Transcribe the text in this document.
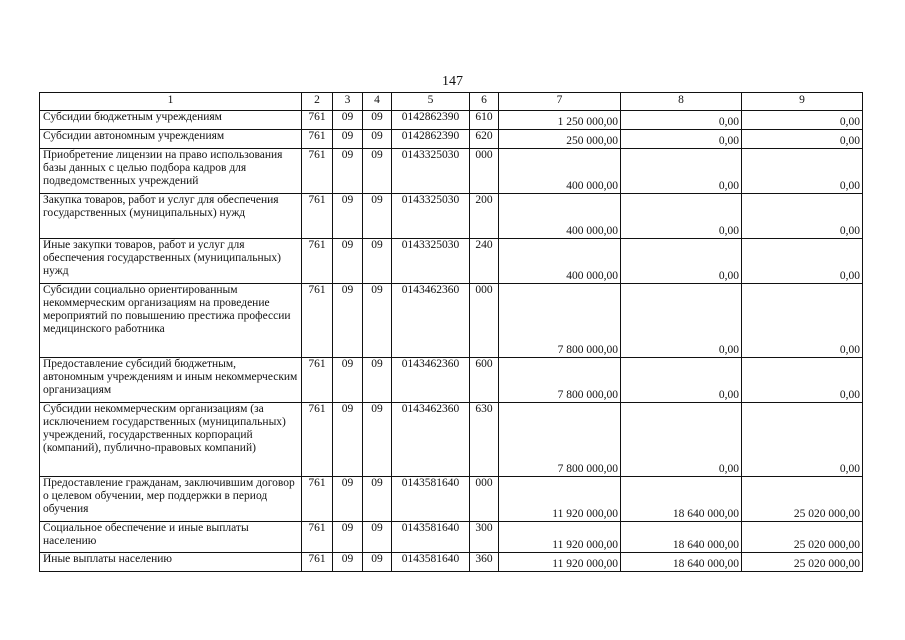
147
1	2	3	4	5	6	7	8	9
Субсидии бюджетным учреждениям	761	09	09	0142862390	610	1 250 000,00	0,00	0,00
Субсидии автономным учреждениям	761	09	09	0142862390	620	250 000,00	0,00	0,00
Приобретение лицензии на право использования базы данных с целью подбора кадров для подведомственных учреждений	761	09	09	0143325030	000	400 000,00	0,00	0,00
Закупка товаров, работ и услуг для обеспечения государственных (муниципальных) нужд	761	09	09	0143325030	200	400 000,00	0,00	0,00
Иные закупки товаров, работ и услуг для обеспечения государственных (муниципальных) нужд	761	09	09	0143325030	240	400 000,00	0,00	0,00
Субсидии социально ориентированным некоммерческим организациям на проведение мероприятий по повышению престижа профессии медицинского работника	761	09	09	0143462360	000	7 800 000,00	0,00	0,00
Предоставление субсидий бюджетным, автономным учреждениям и иным некоммерческим организациям	761	09	09	0143462360	600	7 800 000,00	0,00	0,00
Субсидии некоммерческим организациям (за исключением государственных (муниципальных) учреждений, государственных корпораций (компаний), публично-правовых компаний)	761	09	09	0143462360	630	7 800 000,00	0,00	0,00
Предоставление гражданам, заключившим договор о целевом обучении, мер поддержки в период обучения	761	09	09	0143581640	000	11 920 000,00	18 640 000,00	25 020 000,00
Социальное обеспечение и иные выплаты населению	761	09	09	0143581640	300	11 920 000,00	18 640 000,00	25 020 000,00
Иные выплаты населению	761	09	09	0143581640	360	11 920 000,00	18 640 000,00	25 020 000,00
